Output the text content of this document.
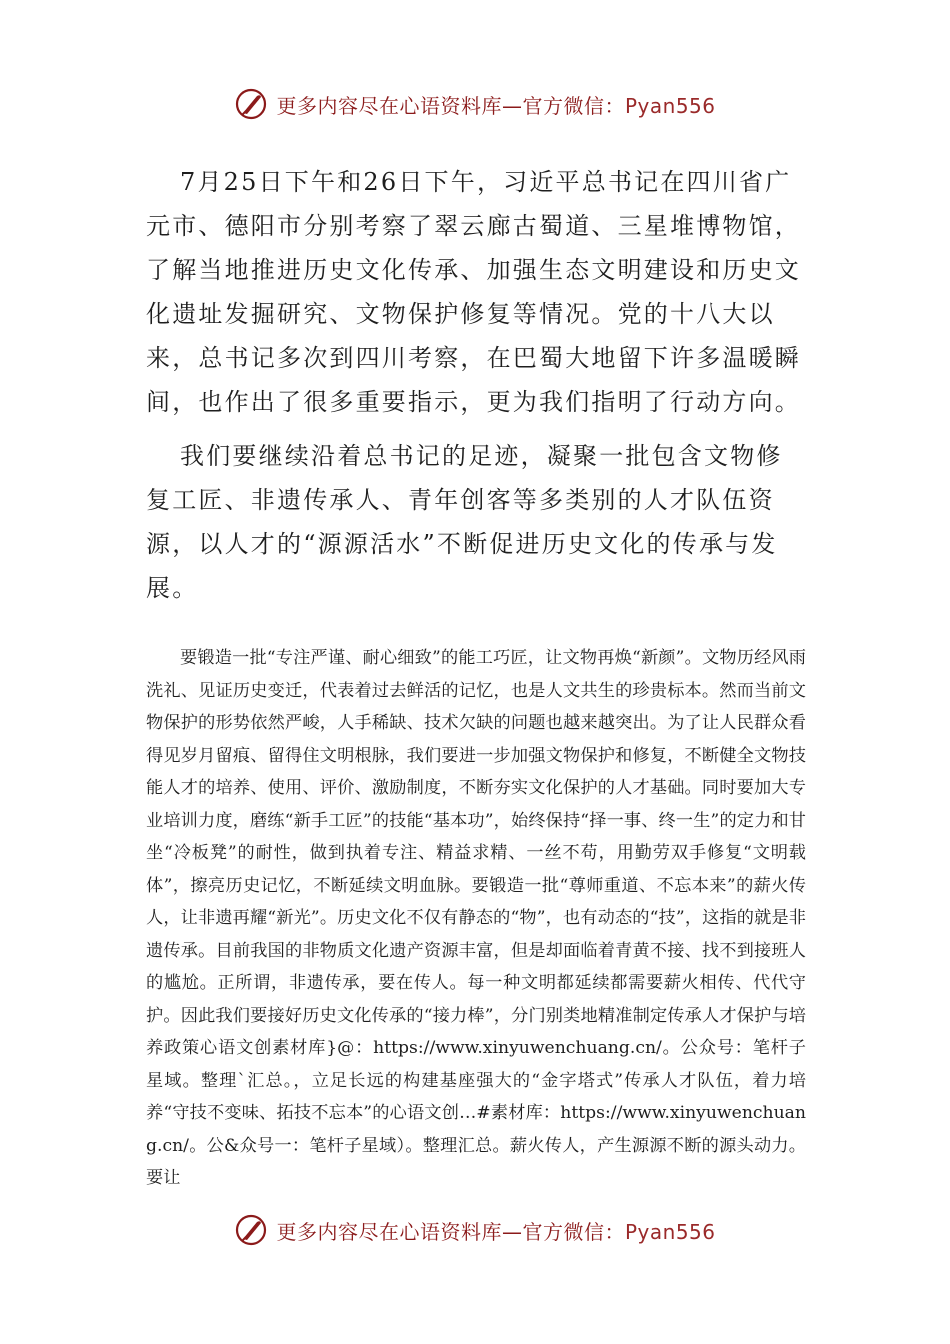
更多内容尽在心语资料库—官方微信：Pyan556

7月25日下午和26日下午，习近平总书记在四川省广元市、德阳市分别考察了翠云廊古蜀道、三星堆博物馆，了解当地推进历史文化传承、加强生态文明建设和历史文化遗址发掘研究、文物保护修复等情况。党的十八大以来，总书记多次到四川考察，在巴蜀大地留下许多温暖瞬间，也作出了很多重要指示，更为我们指明了行动方向。

我们要继续沿着总书记的足迹，凝聚一批包含文物修复工匠、非遗传承人、青年创客等多类别的人才队伍资源，以人才的“源源活水”不断促进历史文化的传承与发展。

要锻造一批“专注严谨、耐心细致”的能工巧匠，让文物再焕“新颜”。文物历经风雨洗礼、见证历史变迁，代表着过去鲜活的记忆，也是人文共生的珍贵标本。然而当前文物保护的形势依然严峻，人手稀缺、技术欠缺的问题也越来越突出。为了让人民群众看得见岁月留痕、留得住文明根脉，我们要进一步加强文物保护和修复，不断健全文物技能人才的培养、使用、评价、激励制度，不断夯实文化保护的人才基础。同时要加大专业培训力度，磨练“新手工匠”的技能“基本功”，始终保持“择一事、终一生”的定力和甘坐“冷板凳”的耐性，做到执着专注、精益求精、一丝不苟，用勤劳双手修复“文明载体”，擦亮历史记忆，不断延续文明血脉。要锻造一批“尊师重道、不忘本来”的薪火传人，让非遗再耀“新光”。历史文化不仅有静态的“物”，也有动态的“技”，这指的就是非遗传承。目前我国的非物质文化遗产资源丰富，但是却面临着青黄不接、找不到接班人的尴尬。正所谓，非遗传承，要在传人。每一种文明都延续都需要薪火相传、代代守护。因此我们要接好历史文化传承的“接力棒”，分门别类地精准制定传承人才保护与培养政策心语文创素材库}@：https://www.xinyuwenchuang.cn/。公众号：笔杆子星域。整理`汇总。，立足长远的构建基座强大的“金字塔式”传承人才队伍，着力培养“守技不变味、拓技不忘本”的心语文创…#素材库：https://www.xinyuwenchuang.cn/。公&众号一：笔杆子星域）。整理汇总。薪火传人，产生源源不断的源头动力。要让

更多内容尽在心语资料库—官方微信：Pyan556
